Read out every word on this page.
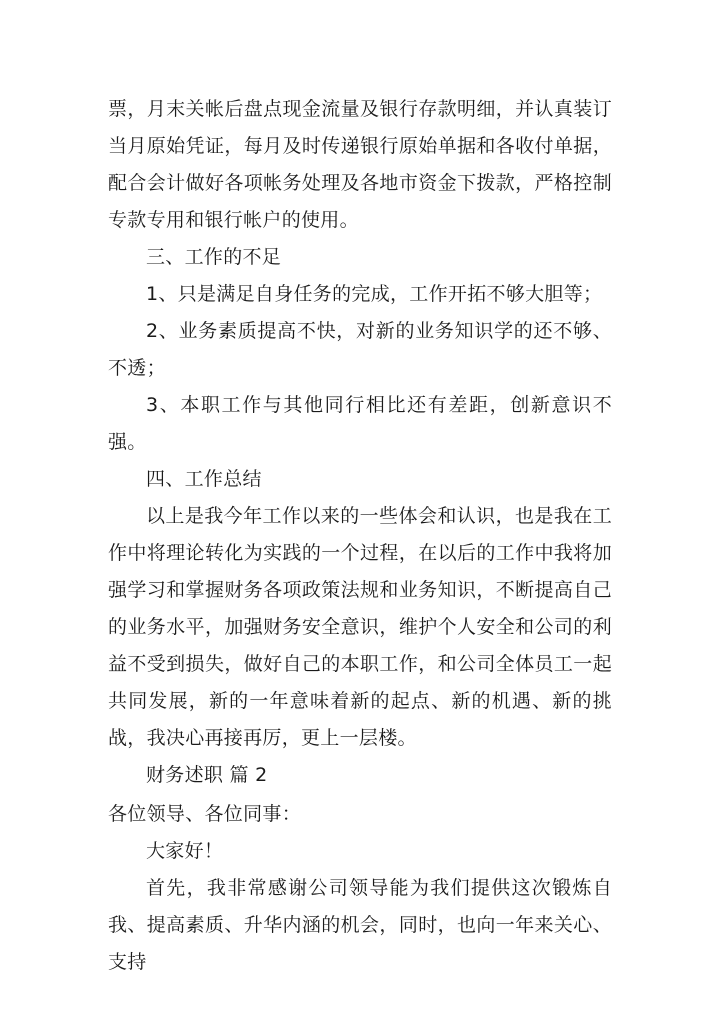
票，月末关帐后盘点现金流量及银行存款明细，并认真装订当月原始凭证，每月及时传递银行原始单据和各收付单据，配合会计做好各项帐务处理及各地市资金下拨款，严格控制专款专用和银行帐户的使用。

三、工作的不足

1、只是满足自身任务的完成，工作开拓不够大胆等；

2、业务素质提高不快，对新的业务知识学的还不够、不透；

3、本职工作与其他同行相比还有差距，创新意识不强。

四、工作总结

以上是我今年工作以来的一些体会和认识，也是我在工作中将理论转化为实践的一个过程，在以后的工作中我将加强学习和掌握财务各项政策法规和业务知识，不断提高自己的业务水平，加强财务安全意识，维护个人安全和公司的利益不受到损失，做好自己的本职工作，和公司全体员工一起共同发展，新的一年意味着新的起点、新的机遇、新的挑战，我决心再接再厉，更上一层楼。

财务述职 篇 2

各位领导、各位同事：

大家好！

首先，我非常感谢公司领导能为我们提供这次锻炼自我、提高素质、升华内涵的机会，同时，也向一年来关心、支持
